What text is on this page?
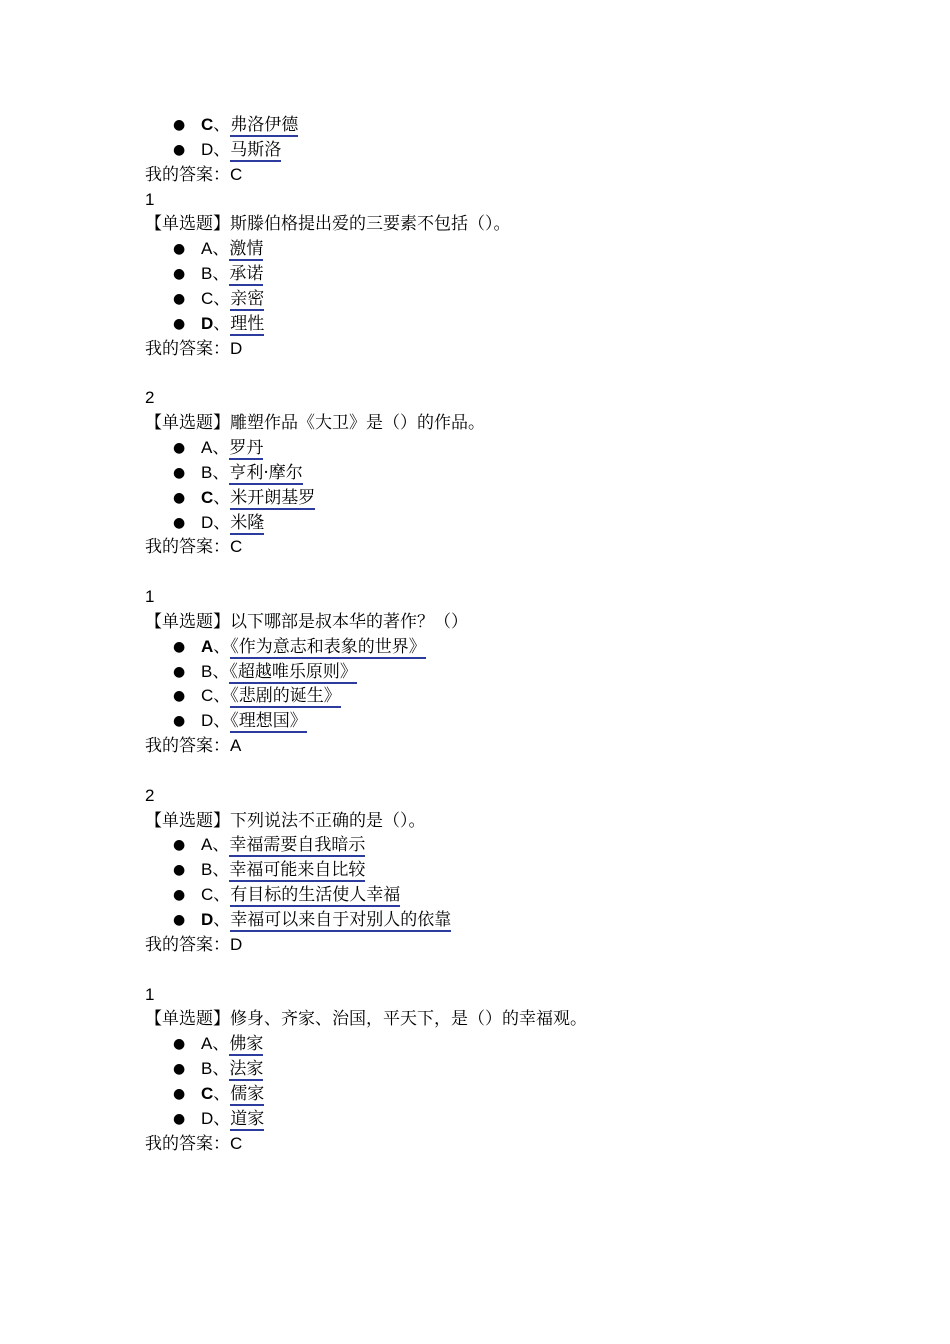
● C、弗洛伊德
● D、马斯洛
我的答案：C
1
【单选题】斯滕伯格提出爱的三要素不包括（）。
● A、激情
● B、承诺
● C、亲密
● D、理性
我的答案：D
2
【单选题】雕塑作品《大卫》是（）的作品。
● A、罗丹
● B、亨利·摩尔
● C、米开朗基罗
● D、米隆
我的答案：C
1
【单选题】以下哪部是叔本华的著作？（）
● A、《作为意志和表象的世界》
● B、《超越唯乐原则》
● C、《悲剧的诞生》
● D、《理想国》
我的答案：A
2
【单选题】下列说法不正确的是（）。
● A、幸福需要自我暗示
● B、幸福可能来自比较
● C、有目标的生活使人幸福
● D、幸福可以来自于对别人的依靠
我的答案：D
1
【单选题】修身、齐家、治国，平天下，是（）的幸福观。
● A、佛家
● B、法家
● C、儒家
● D、道家
我的答案：C
